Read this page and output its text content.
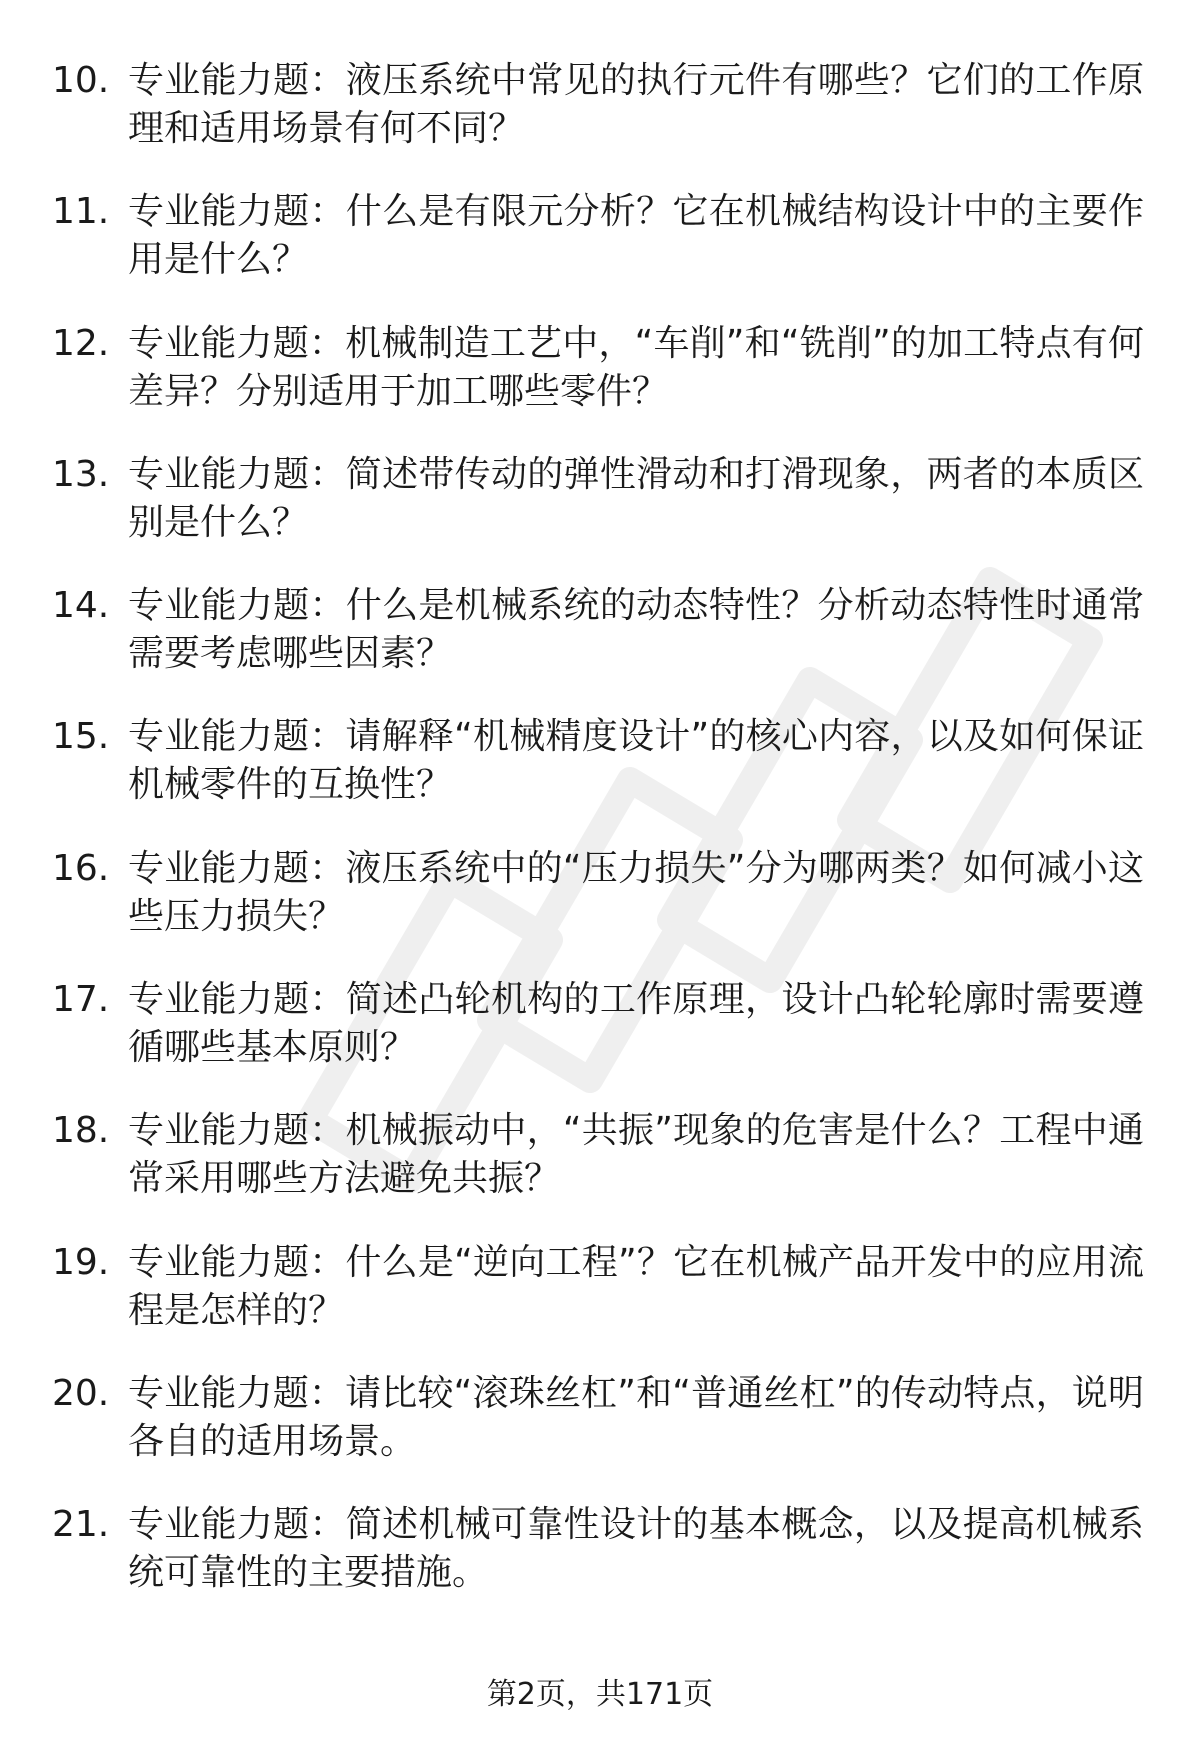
10. 专业能力题：液压系统中常见的执行元件有哪些？它们的工作原理和适用场景有何不同？
11. 专业能力题：什么是有限元分析？它在机械结构设计中的主要作用是什么？
12. 专业能力题：机械制造工艺中，“车削”和“铣削”的加工特点有何差异？分别适用于加工哪些零件？
13. 专业能力题：简述带传动的弹性滑动和打滑现象，两者的本质区别是什么？
14. 专业能力题：什么是机械系统的动态特性？分析动态特性时通常需要考虑哪些因素？
15. 专业能力题：请解释“机械精度设计”的核心内容，以及如何保证机械零件的互换性？
16. 专业能力题：液压系统中的“压力损失”分为哪两类？如何减小这些压力损失？
17. 专业能力题：简述凸轮机构的工作原理，设计凸轮轮廓时需要遵循哪些基本原则？
18. 专业能力题：机械振动中，“共振”现象的危害是什么？工程中通常采用哪些方法避免共振？
19. 专业能力题：什么是“逆向工程”？它在机械产品开发中的应用流程是怎样的？
20. 专业能力题：请比较“滚珠丝杠”和“普通丝杠”的传动特点，说明各自的适用场景。
21. 专业能力题：简述机械可靠性设计的基本概念，以及提高机械系统可靠性的主要措施。
第2页，共171页
